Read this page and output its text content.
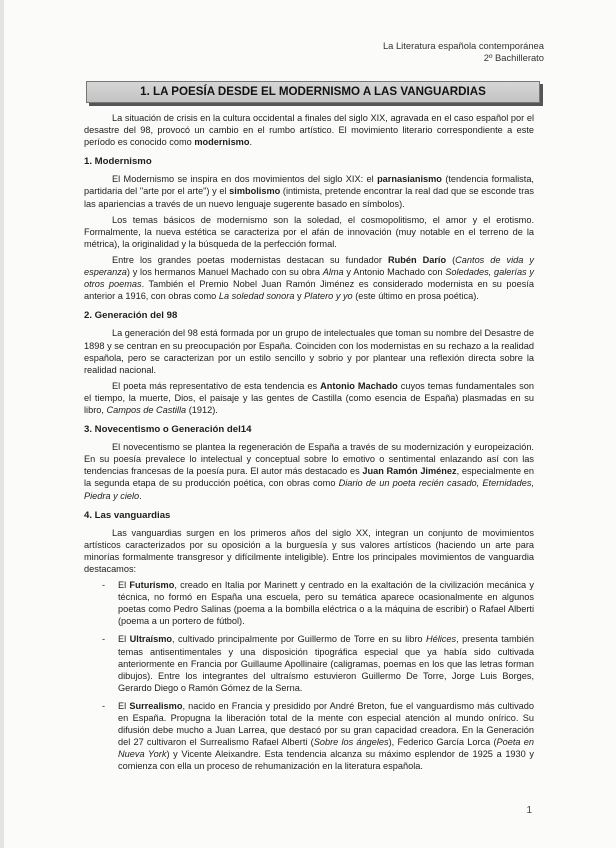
La Literatura española contemporánea
2º Bachillerato
1. LA POESÍA DESDE EL MODERNISMO A LAS VANGUARDIAS

La situación de crisis en la cultura occidental a finales del siglo XIX, agravada en el caso español por el desastre del 98, provocó un cambio en el rumbo artístico. El movimiento literario correspondiente a este período es conocido como modernismo.

1. Modernismo

El Modernismo se inspira en dos movimientos del siglo XIX: el parnasianismo (tendencia formalista, partidaria del "arte por el arte") y el simbolismo (intimista, pretende encontrar la real dad que se esconde tras las apariencias a través de un nuevo lenguaje sugerente basado en símbolos).

Los temas básicos de modernismo son la soledad, el cosmopolitismo, el amor y el erotismo. Formalmente, la nueva estética se caracteriza por el afán de innovación (muy notable en el terreno de la métrica), la originalidad y la búsqueda de la perfección formal.

Entre los grandes poetas modernistas destacan su fundador Rubén Darío (Cantos de vida y esperanza) y los hermanos Manuel Machado con su obra Alma y Antonio Machado con Soledades, galerías y otros poemas. También el Premio Nobel Juan Ramón Jiménez es considerado modernista en su poesía anterior a 1916, con obras como La soledad sonora y Platero y yo (este último en prosa poética).

2. Generación del 98

La generación del 98 está formada por un grupo de intelectuales que toman su nombre del Desastre de 1898 y se centran en su preocupación por España. Coinciden con los modernistas en su rechazo a la realidad española, pero se caracterizan por un estilo sencillo y sobrio y por plantear una reflexión directa sobre la realidad nacional.

El poeta más representativo de esta tendencia es Antonio Machado cuyos temas fundamentales son el tiempo, la muerte, Dios, el paisaje y las gentes de Castilla (como esencia de España) plasmadas en su libro, Campos de Castilla (1912).

3. Novecentismo o Generación del14

El novecentismo se plantea la regeneración de España a través de su modernización y europeización. En su poesía prevalece lo intelectual y conceptual sobre lo emotivo o sentimental enlazando así con las tendencias francesas de la poesía pura. El autor más destacado es Juan Ramón Jiménez, especialmente en la segunda etapa de su producción poética, con obras como Diario de un poeta recién casado, Eternidades, Piedra y cielo.

4. Las vanguardias

Las vanguardias surgen en los primeros años del siglo XX, integran un conjunto de movimientos artísticos caracterizados por su oposición a la burguesía y sus valores artísticos (haciendo un arte para minorías formalmente transgresor y difícilmente inteligible). Entre los principales movimientos de vanguardia destacamos:

- El Futurismo, creado en Italia por Marinett y centrado en la exaltación de la civilización mecánica y técnica, no formó en España una escuela, pero su temática aparece ocasionalmente en algunos poetas como Pedro Salinas (poema a la bombilla eléctrica o a la máquina de escribir) o Rafael Alberti (poema a un portero de fútbol).
- El Ultraísmo, cultivado principalmente por Guillermo de Torre en su libro Hélices, presenta también temas antisentimentales y una disposición tipográfica especial que ya había sido cultivada anteriormente en Francia por Guillaume Apollinaire (caligramas, poemas en los que las letras forman dibujos). Entre los integrantes del ultraísmo estuvieron Guillermo De Torre, Jorge Luis Borges, Gerardo Diego o Ramón Gómez de la Serna.
- El Surrealismo, nacido en Francia y presidido por André Breton, fue el vanguardismo más cultivado en España. Propugna la liberación total de la mente con especial atención al mundo onírico. Su difusión debe mucho a Juan Larrea, que destacó por su gran capacidad creadora. En la Generación del 27 cultivaron el Surrealismo Rafael Alberti (Sobre los ángeles), Federico García Lorca (Poeta en Nueva York) y Vicente Aleixandre. Esta tendencia alcanza su máximo esplendor de 1925 a 1930 y comienza con ella un proceso de rehumanización en la literatura española.
1
